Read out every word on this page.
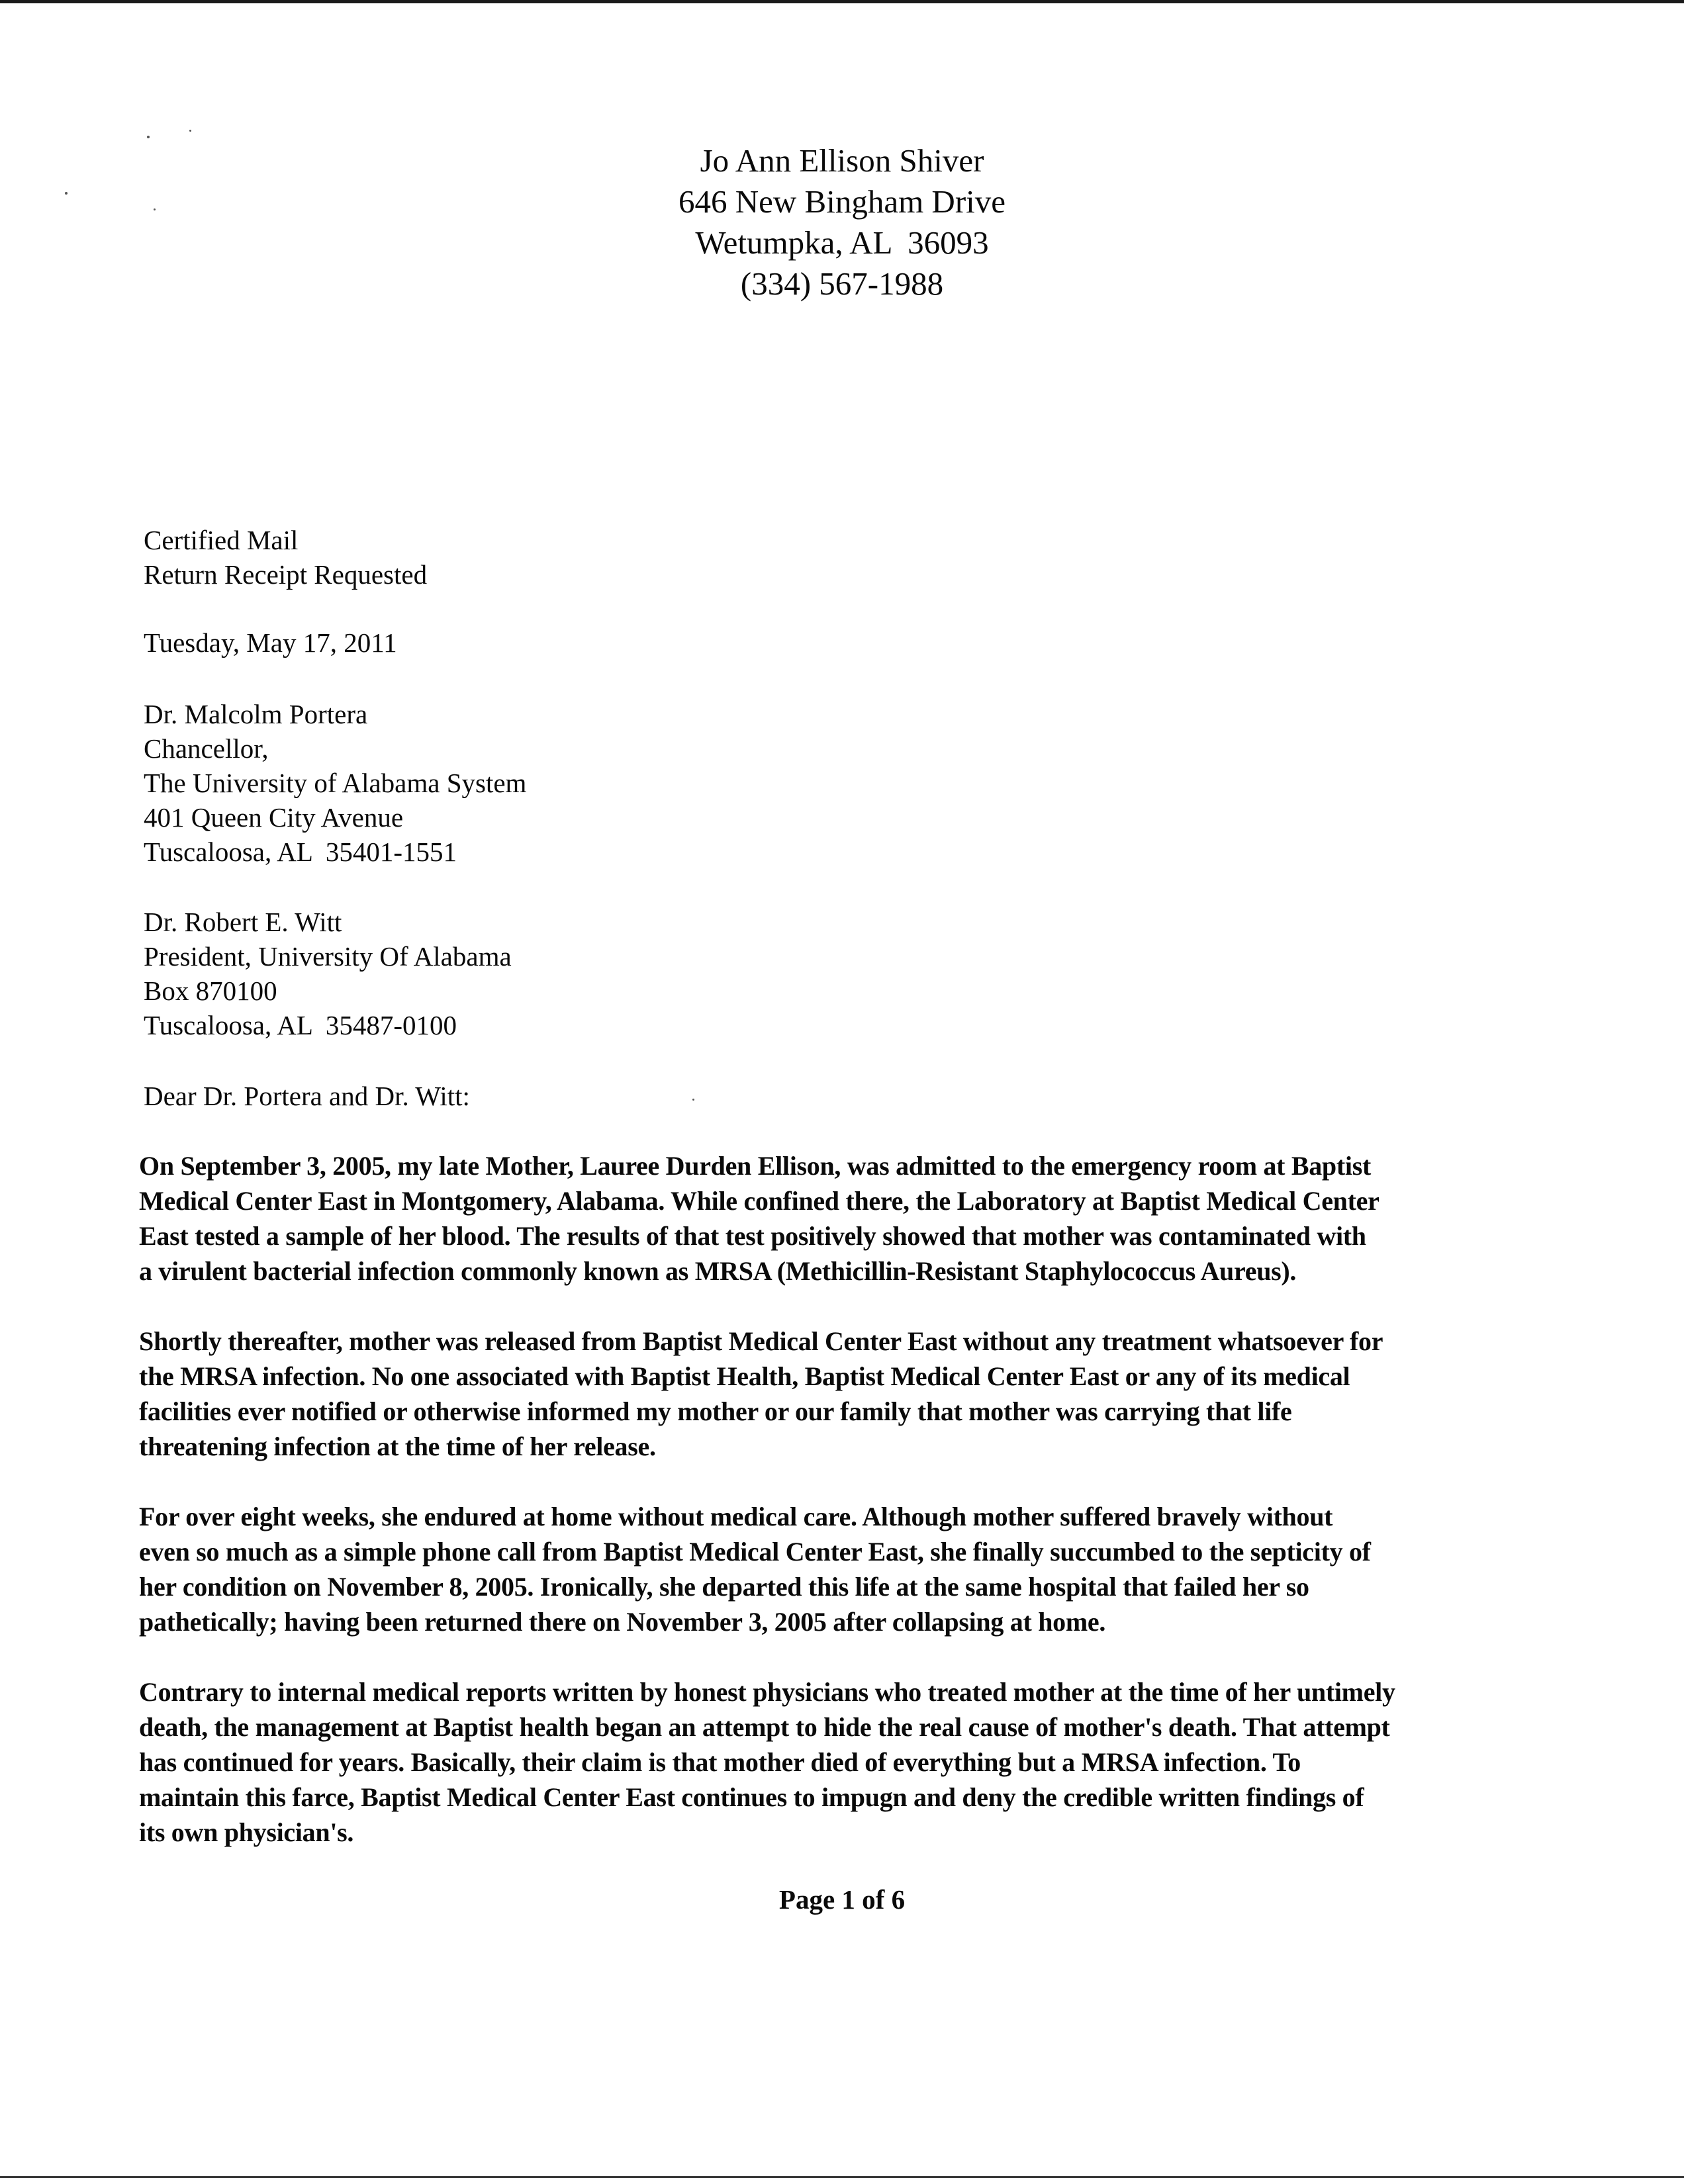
Jo Ann Ellison Shiver
646 New Bingham Drive
Wetumpka, AL  36093
(334) 567-1988
Certified Mail
Return Receipt Requested
Tuesday, May 17, 2011
Dr. Malcolm Portera
Chancellor,
The University of Alabama System
401 Queen City Avenue
Tuscaloosa, AL  35401-1551
Dr. Robert E. Witt
President, University Of Alabama
Box 870100
Tuscaloosa, AL  35487-0100
Dear Dr. Portera and Dr. Witt:
On September 3, 2005, my late Mother, Lauree Durden Ellison, was admitted to the emergency room at Baptist
Medical Center East in Montgomery, Alabama. While confined there, the Laboratory at Baptist Medical Center
East tested a sample of her blood. The results of that test positively showed that mother was contaminated with
a virulent bacterial infection commonly known as MRSA (Methicillin-Resistant Staphylococcus Aureus).
Shortly thereafter, mother was released from Baptist Medical Center East without any treatment whatsoever for
the MRSA infection. No one associated with Baptist Health, Baptist Medical Center East or any of its medical
facilities ever notified or otherwise informed my mother or our family that mother was carrying that life
threatening infection at the time of her release.
For over eight weeks, she endured at home without medical care. Although mother suffered bravely without
even so much as a simple phone call from Baptist Medical Center East, she finally succumbed to the septicity of
her condition on November 8, 2005. Ironically, she departed this life at the same hospital that failed her so
pathetically; having been returned there on November 3, 2005 after collapsing at home.
Contrary to internal medical reports written by honest physicians who treated mother at the time of her untimely
death, the management at Baptist health began an attempt to hide the real cause of mother's death. That attempt
has continued for years. Basically, their claim is that mother died of everything but a MRSA infection. To
maintain this farce, Baptist Medical Center East continues to impugn and deny the credible written findings of
its own physician's.
Page 1 of 6
